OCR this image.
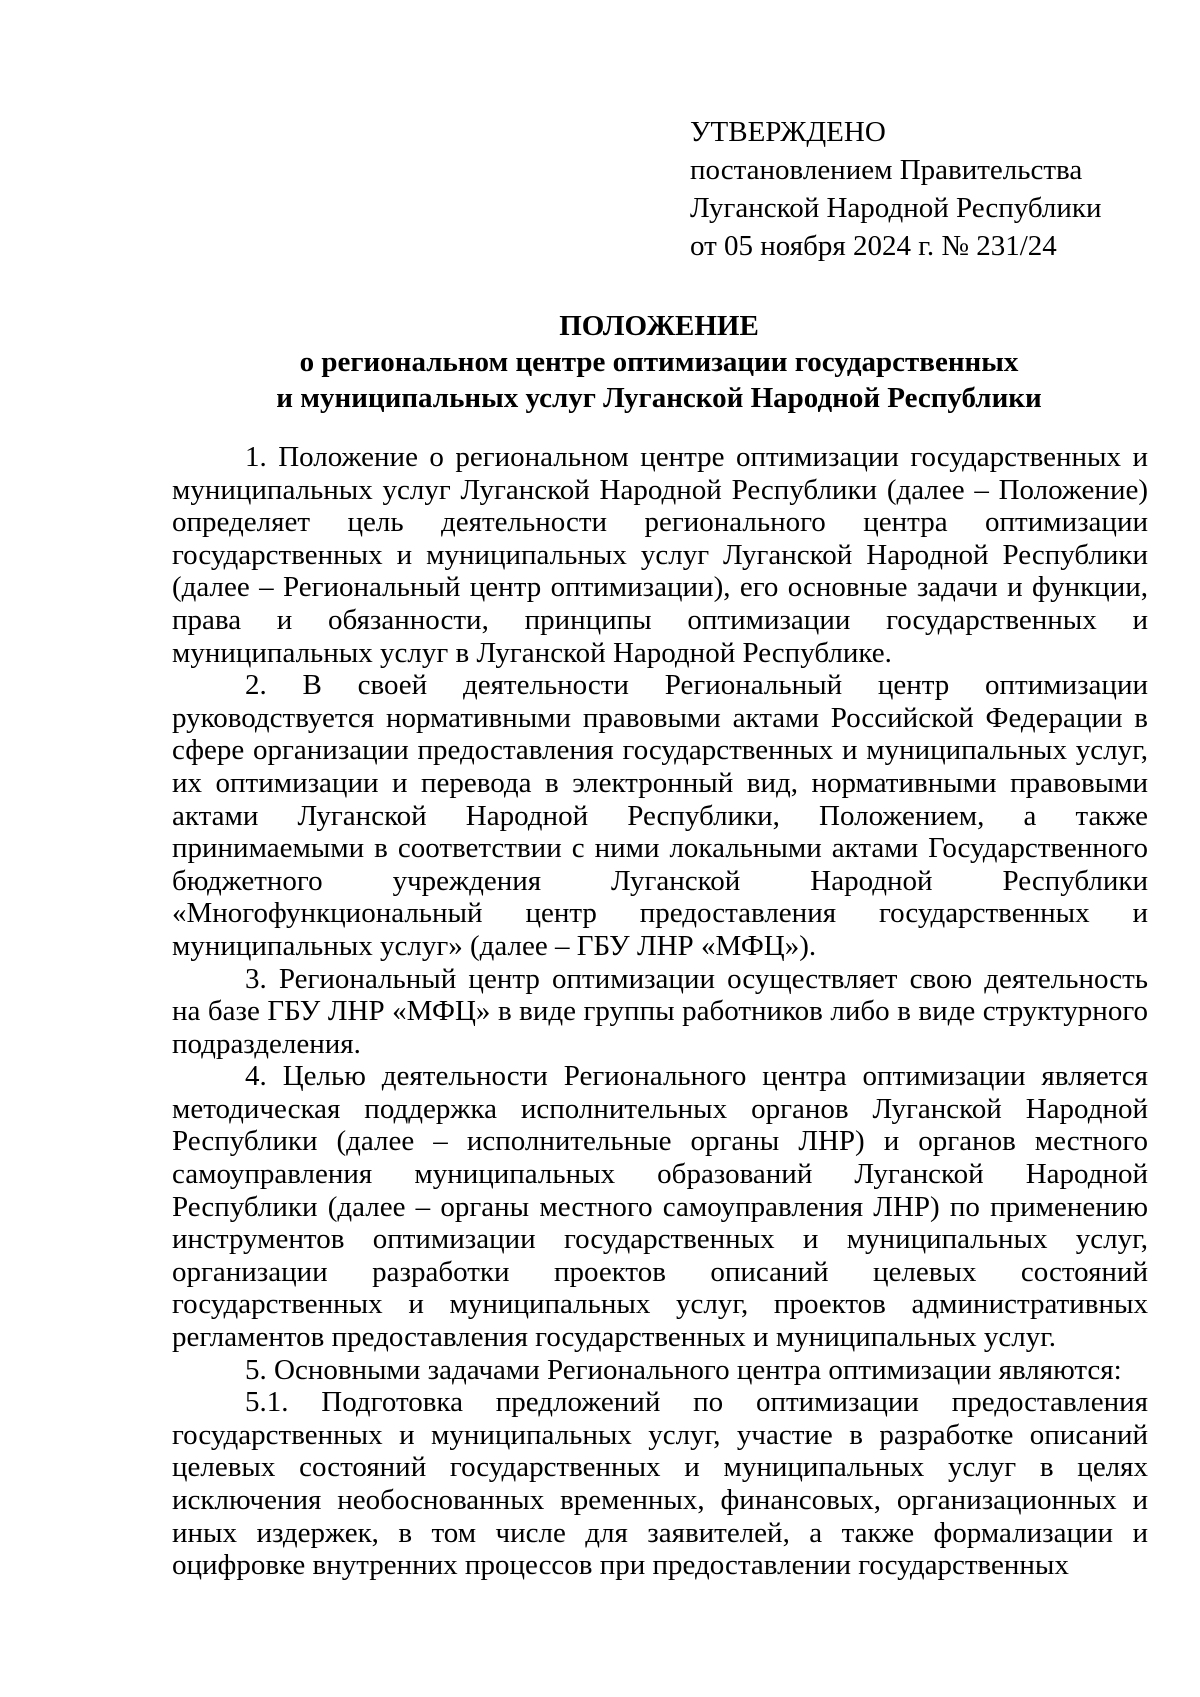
УТВЕРЖДЕНО
постановлением Правительства
Луганской Народной Республики
от 05 ноября 2024 г. № 231/24
ПОЛОЖЕНИЕ
о региональном центре оптимизации государственных
и муниципальных услуг Луганской Народной Республики

1. Положение о региональном центре оптимизации государственных и муниципальных услуг Луганской Народной Республики (далее – Положение) определяет цель деятельности регионального центра оптимизации государственных и муниципальных услуг Луганской Народной Республики (далее – Региональный центр оптимизации), его основные задачи и функции, права и обязанности, принципы оптимизации государственных и муниципальных услуг в Луганской Народной Республике.

2. В своей деятельности Региональный центр оптимизации руководствуется нормативными правовыми актами Российской Федерации в сфере организации предоставления государственных и муниципальных услуг, их оптимизации и перевода в электронный вид, нормативными правовыми актами Луганской Народной Республики, Положением, а также принимаемыми в соответствии с ними локальными актами Государственного бюджетного учреждения Луганской Народной Республики «Многофункциональный центр предоставления государственных и муниципальных услуг» (далее – ГБУ ЛНР «МФЦ»).

3. Региональный центр оптимизации осуществляет свою деятельность на базе ГБУ ЛНР «МФЦ» в виде группы работников либо в виде структурного подразделения.

4. Целью деятельности Регионального центра оптимизации является методическая поддержка исполнительных органов Луганской Народной Республики (далее – исполнительные органы ЛНР) и органов местного самоуправления муниципальных образований Луганской Народной Республики (далее – органы местного самоуправления ЛНР) по применению инструментов оптимизации государственных и муниципальных услуг, организации разработки проектов описаний целевых состояний государственных и муниципальных услуг, проектов административных регламентов предоставления государственных и муниципальных услуг.

5. Основными задачами Регионального центра оптимизации являются:

5.1. Подготовка предложений по оптимизации предоставления государственных и муниципальных услуг, участие в разработке описаний целевых состояний государственных и муниципальных услуг в целях исключения необоснованных временных, финансовых, организационных и иных издержек, в том числе для заявителей, а также формализации и оцифровке внутренних процессов при предоставлении государственных
